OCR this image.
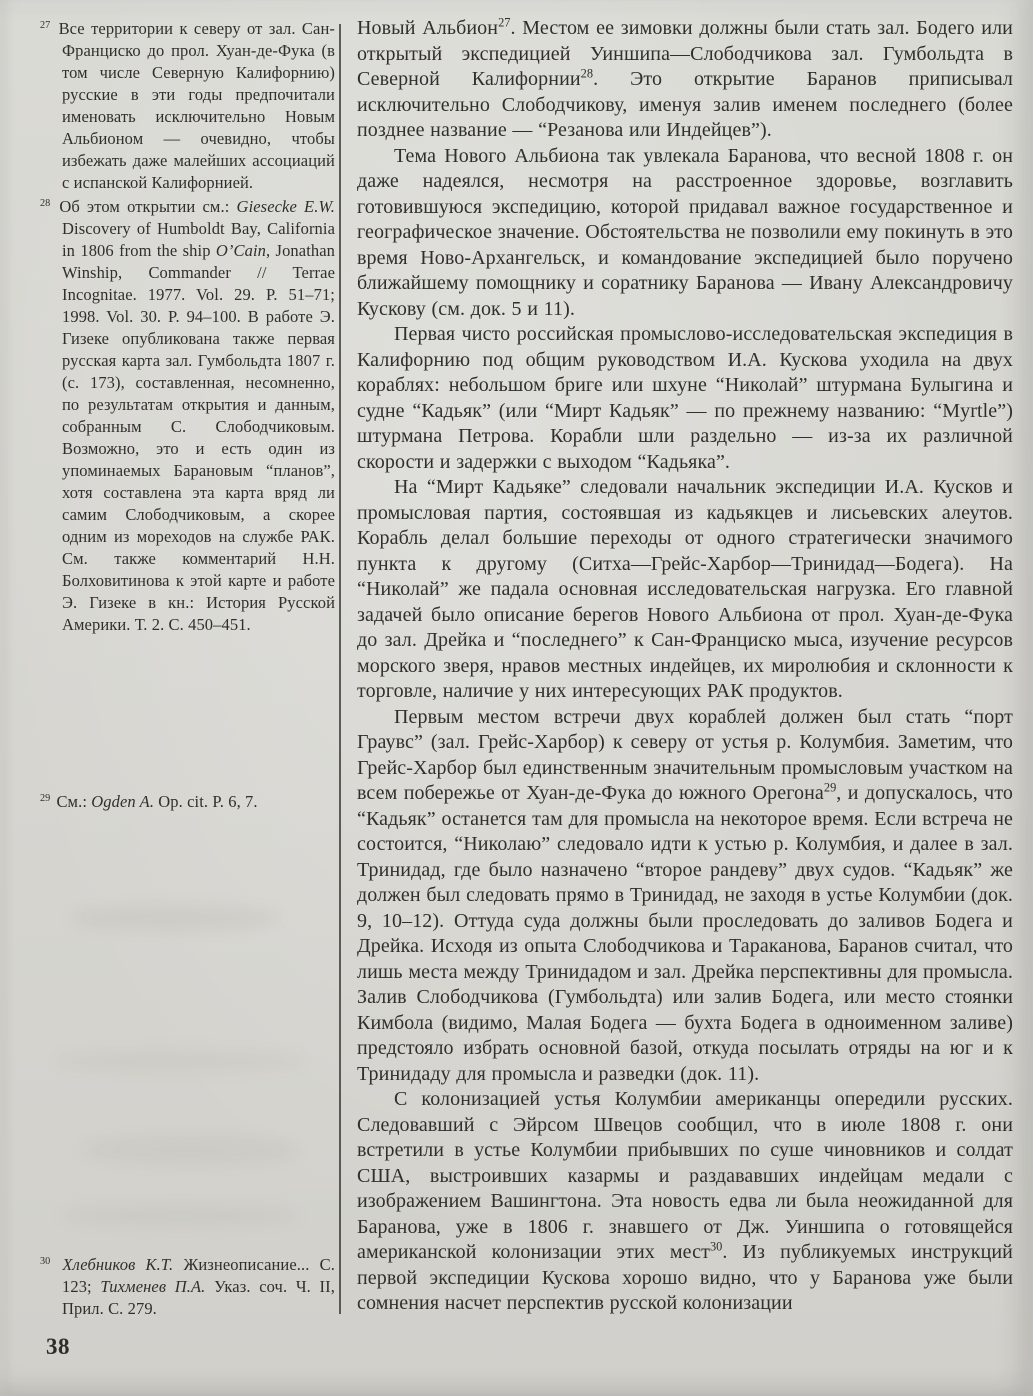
$^{27}$ Все территории к северу от зал. Сан-Франциско до прол. Хуан-де-Фука (в том числе Северную Калифорнию) русские в эти годы предпочитали именовать исключительно Новым Альбионом — очевидно, чтобы избежать даже малейших ассоциаций с испанской Калифорнией.
$^{28}$ Об этом открытии см.: Giesecke E.W. Discovery of Humboldt Bay, California in 1806 from the ship O’Cain, Jonathan Winship, Commander // Terrae Incognitae. 1977. Vol. 29. P. 51–71; 1998. Vol. 30. P. 94–100. В работе Э. Гизеке опубликована также первая русская карта зал. Гумбольдта 1807 г. (с. 173), составленная, несомненно, по результатам открытия и данным, собранным С. Слободчиковым. Возможно, это и есть один из упоминаемых Барановым “планов”, хотя составлена эта карта вряд ли самим Слободчиковым, а скорее одним из мореходов на службе РАК. См. также комментарий Н.Н. Болховитинова к этой карте и работе Э. Гизеке в кн.: История Русской Америки. Т. 2. С. 450–451.
$^{29}$ См.: Ogden A. Op. cit. P. 6, 7.
$^{30}$ Хлебников К.Т. Жизнеописание... С. 123; Тихменев П.А. Указ. соч. Ч. II, Прил. С. 279.

Новый Альбион$^{27}$. Местом ее зимовки должны были стать зал. Бодего или открытый экспедицией Уиншипа—Слободчикова зал. Гумбольдта в Северной Калифорнии$^{28}$. Это открытие Баранов приписывал исключительно Слободчикову, именуя залив именем последнего (более позднее название — “Резанова или Индейцев”).

Тема Нового Альбиона так увлекала Баранова, что весной 1808 г. он даже надеялся, несмотря на расстроенное здоровье, возглавить готовившуюся экспедицию, которой придавал важное государственное и географическое значение. Обстоятельства не позволили ему покинуть в это время Ново-Архангельск, и командование экспедицией было поручено ближайшему помощнику и соратнику Баранова — Ивану Александровичу Кускову (см. док. 5 и 11).

Первая чисто российская промыслово-исследовательская экспедиция в Калифорнию под общим руководством И.А. Кускова уходила на двух кораблях: небольшом бриге или шхуне “Николай” штурмана Булыгина и судне “Кадьяк” (или “Мирт Кадьяк” — по прежнему названию: “Myrtle”) штурмана Петрова. Корабли шли раздельно — из-за их различной скорости и задержки с выходом “Кадьяка”.

На “Мирт Кадьяке” следовали начальник экспедиции И.А. Кусков и промысловая партия, состоявшая из кадьякцев и лисьевских алеутов. Корабль делал большие переходы от одного стратегически значимого пункта к другому (Ситха—Грейс-Харбор—Тринидад—Бодега). На “Николай” же падала основная исследовательская нагрузка. Его главной задачей было описание берегов Нового Альбиона от прол. Хуан-де-Фука до зал. Дрейка и “последнего” к Сан-Франциско мыса, изучение ресурсов морского зверя, нравов местных индейцев, их миролюбия и склонности к торговле, наличие у них интересующих РАК продуктов.

Первым местом встречи двух кораблей должен был стать “порт Граувс” (зал. Грейс-Харбор) к северу от устья р. Колумбия. Заметим, что Грейс-Харбор был единственным значительным промысловым участком на всем побережье от Хуан-де-Фука до южного Орегона$^{29}$, и допускалось, что “Кадьяк” останется там для промысла на некоторое время. Если встреча не состоится, “Николаю” следовало идти к устью р. Колумбия, и далее в зал. Тринидад, где было назначено “второе рандеву” двух судов. “Кадьяк” же должен был следовать прямо в Тринидад, не заходя в устье Колумбии (док. 9, 10–12). Оттуда суда должны были проследовать до заливов Бодега и Дрейка. Исходя из опыта Слободчикова и Тараканова, Баранов считал, что лишь места между Тринидадом и зал. Дрейка перспективны для промысла. Залив Слободчикова (Гумбольдта) или залив Бодега, или место стоянки Кимбола (видимо, Малая Бодега — бухта Бодега в одноименном заливе) предстояло избрать основной базой, откуда посылать отряды на юг и к Тринидаду для промысла и разведки (док. 11).

С колонизацией устья Колумбии американцы опередили русских. Следовавший с Эйрсом Швецов сообщил, что в июле 1808 г. они встретили в устье Колумбии прибывших по суше чиновников и солдат США, выстроивших казармы и раздававших индейцам медали с изображением Вашингтона. Эта новость едва ли была неожиданной для Баранова, уже в 1806 г. знавшего от Дж. Уиншипа о готовящейся американской колонизации этих мест$^{30}$. Из публикуемых инструкций первой экспедиции Кускова хорошо видно, что у Баранова уже были сомнения насчет перспектив русской колонизации

38
